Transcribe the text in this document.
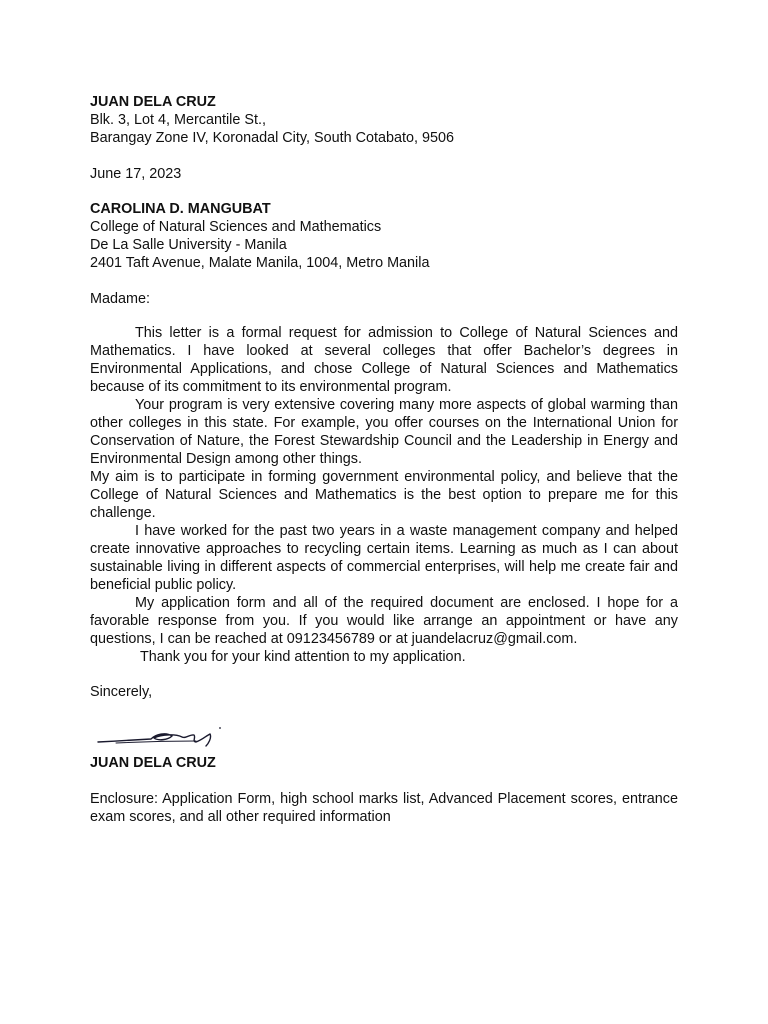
JUAN DELA CRUZ
Blk. 3, Lot 4, Mercantile St.,
Barangay Zone IV, Koronadal City, South Cotabato, 9506
June 17, 2023
CAROLINA D. MANGUBAT
College of Natural Sciences and Mathematics
De La Salle University - Manila
2401 Taft Avenue, Malate Manila, 1004, Metro Manila
Madame:

This letter is a formal request for admission to College of Natural Sciences and Mathematics. I have looked at several colleges that offer Bachelor’s degrees in Environmental Applications, and chose College of Natural Sciences and Mathematics because of its commitment to its environmental program.

Your program is very extensive covering many more aspects of global warming than other colleges in this state. For example, you offer courses on the International Union for Conservation of Nature, the Forest Stewardship Council and the Leadership in Energy and Environmental Design among other things.

My aim is to participate in forming government environmental policy, and believe that the College of Natural Sciences and Mathematics is the best option to prepare me for this challenge.

I have worked for the past two years in a waste management company and helped create innovative approaches to recycling certain items. Learning as much as I can about sustainable living in different aspects of commercial enterprises, will help me create fair and beneficial public policy.

My application form and all of the required document are enclosed. I hope for a favorable response from you. If you would like arrange an appointment or have any questions, I can be reached at 09123456789 or at juandelacruz@gmail.com.

Thank you for your kind attention to my application.

Sincerely,
JUAN DELA CRUZ

Enclosure: Application Form, high school marks list, Advanced Placement scores, entrance exam scores, and all other required information
